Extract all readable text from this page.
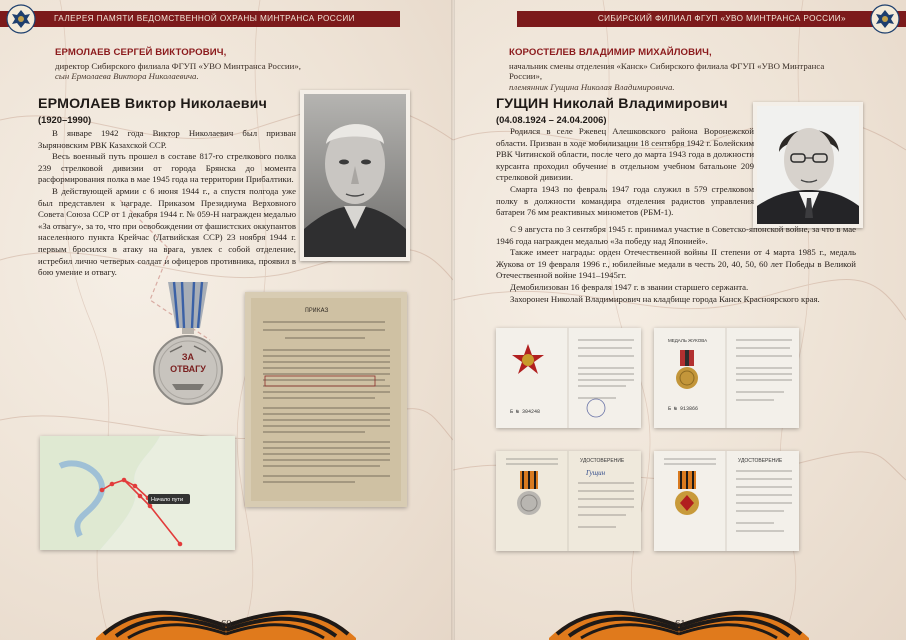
ГАЛЕРЕЯ ПАМЯТИ ВЕДОМСТВЕННОЙ ОХРАНЫ МИНТРАНСА РОССИИ
ЕРМОЛАЕВ СЕРГЕЙ ВИКТОРОВИЧ,
директор Сибирского филиала ФГУП «УВО Минтранса России»,
сын Ермолаева Виктора Николаевича.
ЕРМОЛАЕВ Виктор Николаевич
(1920–1990)

В январе 1942 года Виктор Николаевич был призван Зыряновским РВК Казахской ССР.

Весь военный путь прошел в составе 817-го стрелкового полка 239 стрелковой дивизии от города Брянска до момента расформирования полка в мае 1945 года на территории Прибалтики.

В действующей армии с 6 июня 1944 г., а спустя полгода уже был представлен к награде. Приказом Президиума Верховного Совета Союза ССР от 1 декабря 1944 г. № 059-Н награжден медалью «За отвагу», за то, что при освобождении от фашистских оккупантов населенного пункта Крейчас (Латвийская ССР) 23 ноября 1944 г. первым бросился в атаку на врага, увлек с собой отделение, истребил лично четверых солдат и офицеров противника, проявил в бою умение и отвагу.

ЗА
ОТВАГУ
ПРИКАЗ
Начало пути
60
СИБИРСКИЙ ФИЛИАЛ ФГУП «УВО МИНТРАНСА РОССИИ»
КОРОСТЕЛЕВ ВЛАДИМИР МИХАЙЛОВИЧ,
начальник смены отделения «Канск» Сибирского филиала ФГУП «УВО Минтранса России»,
племянник Гущина Николая Владимировича.
ГУЩИН Николай Владимирович
(04.08.1924 – 24.04.2006)

Родился в селе Ржевец Алешковского района Воронежской области. Призван в ходе мобилизации 18 сентября 1942 г. Болейским РВК Читинской области, после чего до марта 1943 года в должности курсанта проходил обучение в отдельном учебном батальоне 209 стрелковой дивизии.

Смарта 1943 по февраль 1947 года служил в 579 стрелковом полку в должности командира отделения радистов управления батареи 76 мм реактивных минометов (РБМ-1).

С 9 августа по 3 сентября 1945 г. принимал участие в Советско-японской войне, за что в мае 1946 года награжден медалью «За победу над Японией».

Также имеет награды: орден Отечественной войны II степени от 4 марта 1985 г., медаль Жукова от 19 февраля 1996 г., юбилейные медали в честь 20, 40, 50, 60 лет Победы в Великой Отечественной войне 1941–1945гг.

Демобилизован 16 февраля 1947 г. в звании старшего сержанта.

Захоронен Николай Владимирович на кладбище города Канск Красноярского края.

Б № 304248
МЕДАЛЬ ЖУКОВА
Б № 913866
УДОСТОВЕРЕНИЕ
Гущин
УДОСТОВЕРЕНИЕ
61
